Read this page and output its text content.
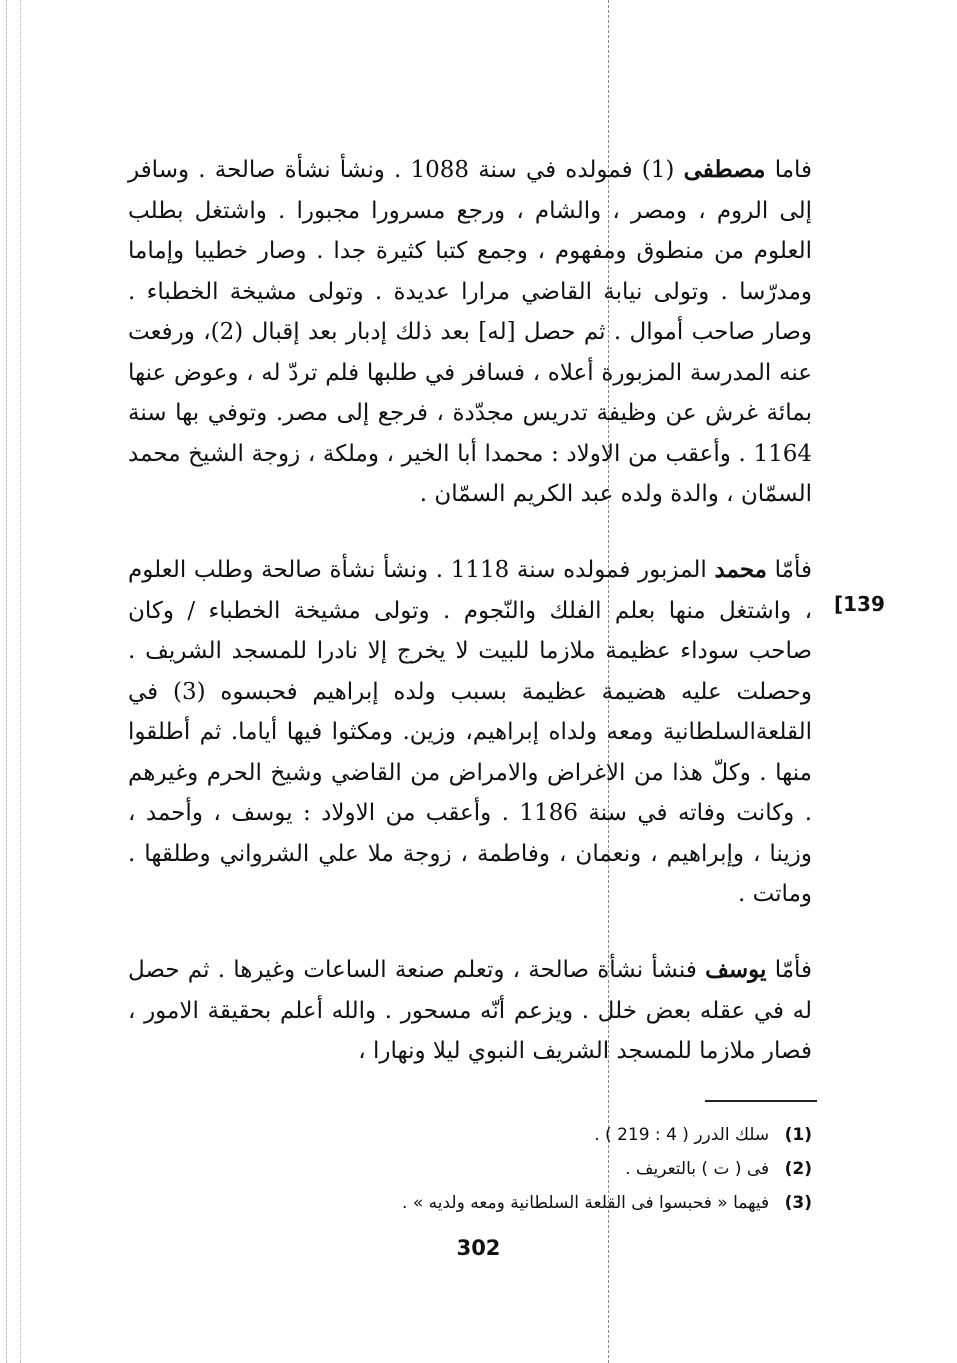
فاما مصطفى (1) فمولده في سنة 1088 . ونشأ نشأة صالحة . وسافر إلى الروم ، ومصر ، والشام ، ورجع مسرورا مجبورا . واشتغل بطلب العلوم من منطوق ومفهوم ، وجمع كتبا كثيرة جدا . وصار خطيبا وإماما ومدرّسا . وتولى نيابة القاضي مرارا عديدة . وتولى مشيخة الخطباء . وصار صاحب أموال . ثم حصل [له] بعد ذلك إدبار بعد إقبال (2)، ورفعت عنه المدرسة المزبورة أعلاه ، فسافر في طلبها فلم تردّ له ، وعوض عنها بمائة غرش عن وظيفة تدريس مجدّدة ، فرجع إلى مصر. وتوفي بها سنة 1164 . وأعقب من الاولاد : محمدا أبا الخير ، وملكة ، زوجة الشيخ محمد السمّان ، والدة ولده عبد الكريم السمّان .

فأمّا محمد المزبور فمولده سنة 1118 . ونشأ نشأة صالحة وطلب العلوم ، واشتغل منها بعلم الفلك والنّجوم . وتولى مشيخة الخطباء / وكان صاحب سوداء عظيمة ملازما للبيت لا يخرج إلا نادرا للمسجد الشريف . وحصلت عليه هضيمة عظيمة بسبب ولده إبراهيم فحبسوه (3) في القلعةالسلطانية ومعه ولداه إبراهيم، وزين. ومكثوا فيها أياما. ثم أطلقوا منها . وكلّ هذا من الاغراض والامراض من القاضي وشيخ الحرم وغيرهم . وكانت وفاته في سنة 1186 . وأعقب من الاولاد : يوسف ، وأحمد ، وزينا ، وإبراهيم ، ونعمان ، وفاطمة ، زوجة ملا علي الشرواني وطلقها . وماتت .

[139

فأمّا يوسف فنشأ نشأة صالحة ، وتعلم صنعة الساعات وغيرها . ثم حصل له في عقله بعض خلل . ويزعم أنّه مسحور . والله أعلم بحقيقة الامور ، فصار ملازما للمسجد الشريف النبوي ليلا ونهارا ،

(1) سلك الدرر ( 4 : 219 ) .
(2) فى ( ت ) بالتعريف .
(3) فيهما « فحبسوا فى القلعة السلطانية ومعه ولديه » .
302
